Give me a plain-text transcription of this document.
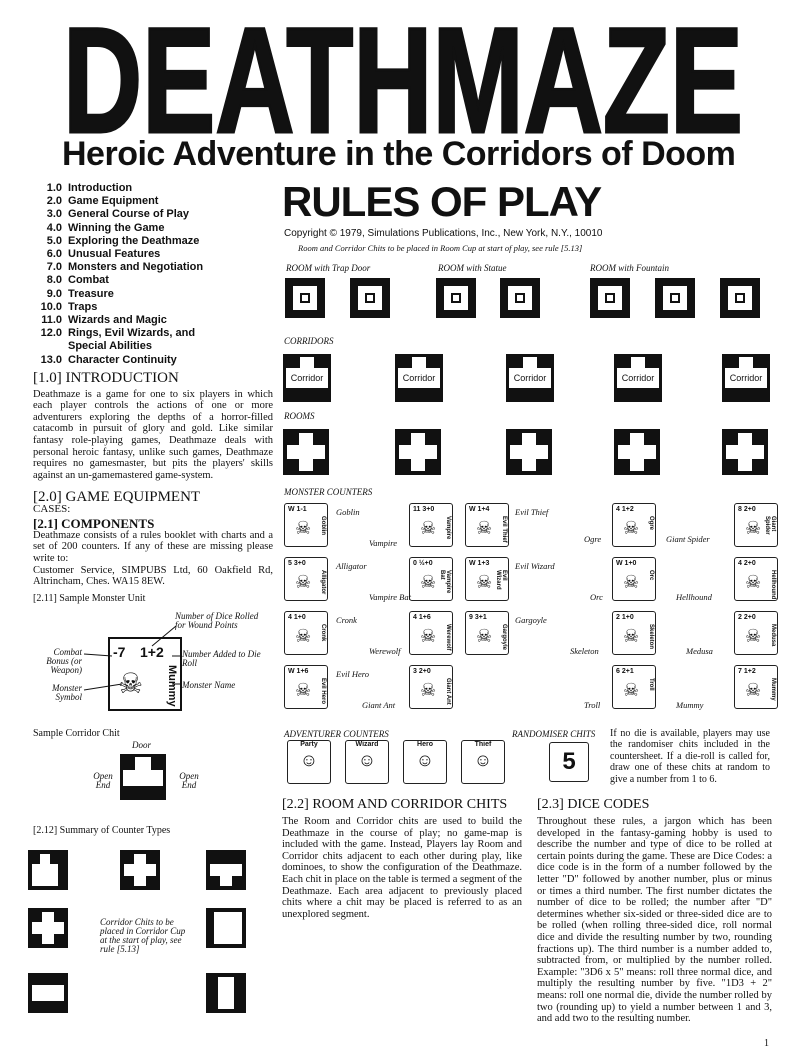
DEATHMAZE
Heroic Adventure in the Corridors of Doom
RULES OF PLAY
Copyright © 1979, Simulations Publications, Inc., New York, N.Y., 10010
Room and Corridor Chits to be placed in Room Cup at start of play, see rule [5.13]
1.0 Introduction
2.0 Game Equipment
3.0 General Course of Play
4.0 Winning the Game
5.0 Exploring the Deathmaze
6.0 Unusual Features
7.0 Monsters and Negotiation
8.0 Combat
9.0 Treasure
10.0 Traps
11.0 Wizards and Magic
12.0 Rings, Evil Wizards, and
Special Abilities
13.0 Character Continuity
[1.0] INTRODUCTION

Deathmaze is a game for one to six players in which each player controls the actions of one or more adventurers exploring the depths of a horror-filled catacomb in pursuit of glory and gold. Like similar fantasy role-playing games, Deathmaze deals with personal heroic fantasy, unlike such games, Deathmaze requires no gamesmaster, but pits the players' skills against an un-gamemastered game-system.

[2.0] GAME EQUIPMENT
CASES:
[2.1] COMPONENTS

Deathmaze consists of a rules booklet with charts and a set of 200 counters. If any of these are missing please write to:

Customer Service, SIMPUBS Ltd, 60 Oakfield Rd, Altrincham, Ches. WA15 8EW.

[2.11] Sample Monster Unit
Number of Dice Rolled for Wound Points
Combat Bonus (or Weapon)
Number Added to Die Roll
Monster Symbol
Monster Name
-7 1+2
☠ Mummy
Sample Corridor Chit
Door
Open End
Open End
[2.12] Summary of Counter Types
Corridor Chits to be placed in Corridor Cup at the start of play, see rule [5.13]
ROOM with Trap Door	ROOM with Statue	ROOM with Fountain
CORRIDORS
Corridor	Corridor	Corridor	Corridor	Corridor
ROOMS
MONSTER COUNTERS
W 1-1
☠ Goblin
11 3+0
☠ Vampire
W 1+4
☠ Evil Thief
4 1+2
☠ Ogre
8 2+0
☠	Giant Spider
5 3+0
☠ Alligator
0 ½+0
☠	Vampire Bat
W 1+3
☠	Evil Wizard
W 1+0
☠ Orc
4 2+0
☠ Hellhound
4 1+0
☠ Cronk
4 1+6
☠ Werewolf
9 3+1
☠ Gargoyle
2 1+0
☠ Skeleton
2 2+0
☠ Medusa
W 1+6
☠ Evil Hero
3 2+0
☠ Giant Ant
6 2+1
☠ Troll
7 1+2
☠ Mummy
Goblin	Evil Thief
Vampire	Ogre	Giant Spider
Alligator	Evil Wizard
Vampire Bat	Orc	Hellhound
Cronk	Gargoyle
Werewolf	Skeleton	Medusa
Evil Hero
Giant Ant	Troll	Mummy
ADVENTURER COUNTERS	RANDOMISER CHITS
Party
☺
Wizard
☺
Hero
☺
Thief
☺	5
If no die is available, players may use the randomiser chits included in the countersheet. If a die-roll is called for, draw one of these chits at random to give a number from 1 to 6.
[2.2] ROOM AND CORRIDOR CHITS
The Room and Corridor chits are used to build the Deathmaze in the course of play; no game-map is included with the game. Instead, Players lay Room and Corridor chits adjacent to each other during play, like dominoes, to show the configuration of the Deathmaze. Each chit in place on the table is termed a segment of the Deathmaze. Each area adjacent to previously placed chits where a chit may be placed is referred to as an unexplored segment.
[2.3] DICE CODES
Throughout these rules, a jargon which has been developed in the fantasy-gaming hobby is used to describe the number and type of dice to be rolled at certain points during the game. These are Dice Codes: a dice code is in the form of a number followed by the letter "D" followed by another number, plus or minus or times a third number. The first number dictates the number of dice to be rolled; the number after "D" determines whether six-sided or three-sided dice are to be rolled (when rolling three-sided dice, roll normal dice and divide the resulting number by two, rounding fractions up). The third number is a number added to, subtracted from, or multiplied by the number rolled. Example: "3D6 x 5" means: roll three normal dice, and multiply the resulting number by five. "1D3 + 2" means: roll one normal die, divide the number rolled by two (rounding up) to yield a number between 1 and 3, and add two to the resulting number.
1
